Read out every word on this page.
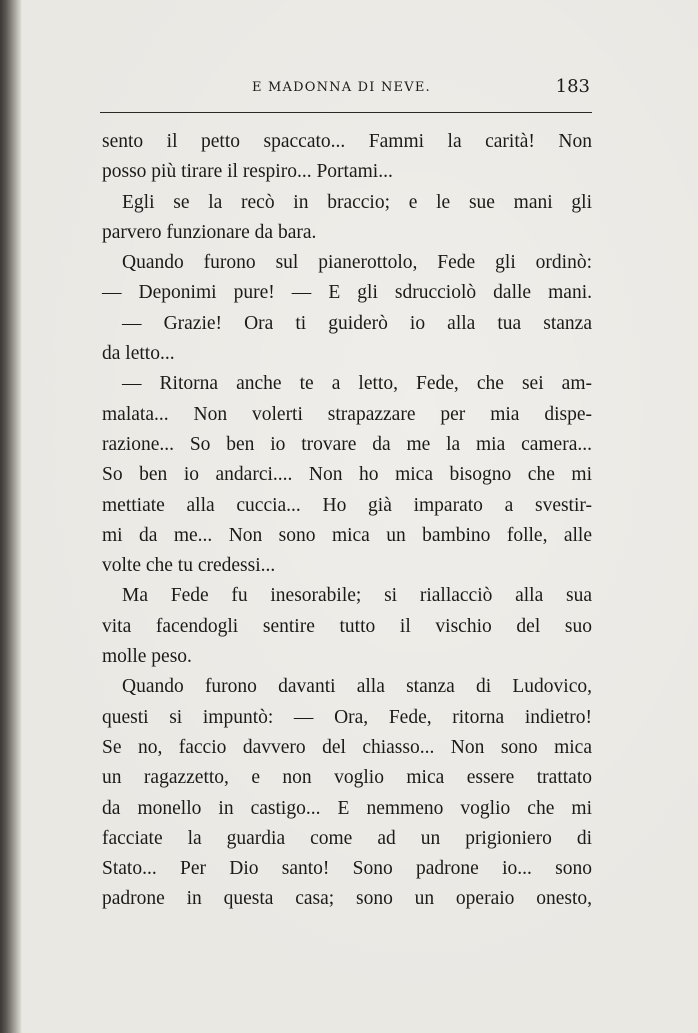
E MADONNA DI NEVE.	183
sento il petto spaccato... Fammi la carità! Non
posso più tirare il respiro... Portami...
Egli se la recò in braccio; e le sue mani gli
parvero funzionare da bara.
Quando furono sul pianerottolo, Fede gli ordinò:
— Deponimi pure! — E gli sdrucciolò dalle mani.
— Grazie! Ora ti guiderò io alla tua stanza
da letto...
— Ritorna anche te a letto, Fede, che sei am-
malata... Non volerti strapazzare per mia dispe-
razione... So ben io trovare da me la mia camera...
So ben io andarci.... Non ho mica bisogno che mi
mettiate alla cuccia... Ho già imparato a svestir-
mi da me... Non sono mica un bambino folle, alle
volte che tu credessi...
Ma Fede fu inesorabile; si riallacciò alla sua
vita facendogli sentire tutto il vischio del suo
molle peso.
Quando furono davanti alla stanza di Ludovico,
questi si impuntò: — Ora, Fede, ritorna indietro!
Se no, faccio davvero del chiasso... Non sono mica
un ragazzetto, e non voglio mica essere trattato
da monello in castigo... E nemmeno voglio che mi
facciate la guardia come ad un prigioniero di
Stato... Per Dio santo! Sono padrone io... sono
padrone in questa casa; sono un operaio onesto,
